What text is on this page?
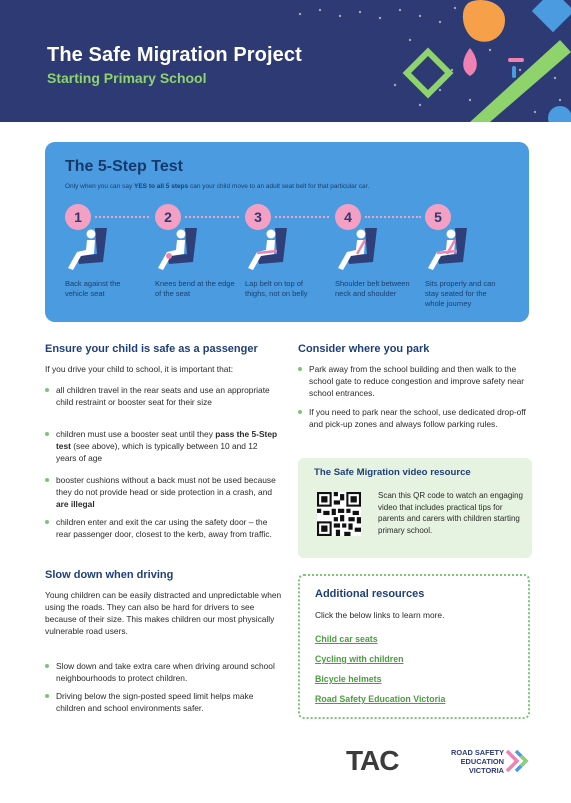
The Safe Migration Project
Starting Primary School
The 5-Step Test
Only when you can say YES to all 5 steps can your child move to an adult seat belt for that particular car.
1
Back against the vehicle seat
2
Knees bend at the edge of the seat
3
Lap belt on top of thighs, not on belly
4
Shoulder belt between neck and shoulder
5
Sits properly and can stay seated for the whole journey
Ensure your child is safe as a passenger
If you drive your child to school, it is important that:
all children travel in the rear seats and use an appropriate child restraint or booster seat for their size
children must use a booster seat until they pass the 5-Step test (see above), which is typically between 10 and 12 years of age
booster cushions without a back must not be used because they do not provide head or side protection in a crash, and are illegal
children enter and exit the car using the safety door – the rear passenger door, closest to the kerb, away from traffic.
Slow down when driving
Young children can be easily distracted and unpredictable when using the roads. They can also be hard for drivers to see because of their size. This makes children our most physically vulnerable road users.
Slow down and take extra care when driving around school neighbourhoods to protect children.
Driving below the sign-posted speed limit helps make children and school environments safer.
Consider where you park
Park away from the school building and then walk to the school gate to reduce congestion and improve safety near school entrances.
If you need to park near the school, use dedicated drop-off and pick-up zones and always follow parking rules.
The Safe Migration video resource
Scan this QR code to watch an engaging video that includes practical tips for parents and carers with children starting primary school.
Additional resources
Click the below links to learn more.
Child car seats
Cycling with children
Bicycle helmets
Road Safety Education Victoria
TAC	ROAD SAFETY
EDUCATION
VICTORIA
